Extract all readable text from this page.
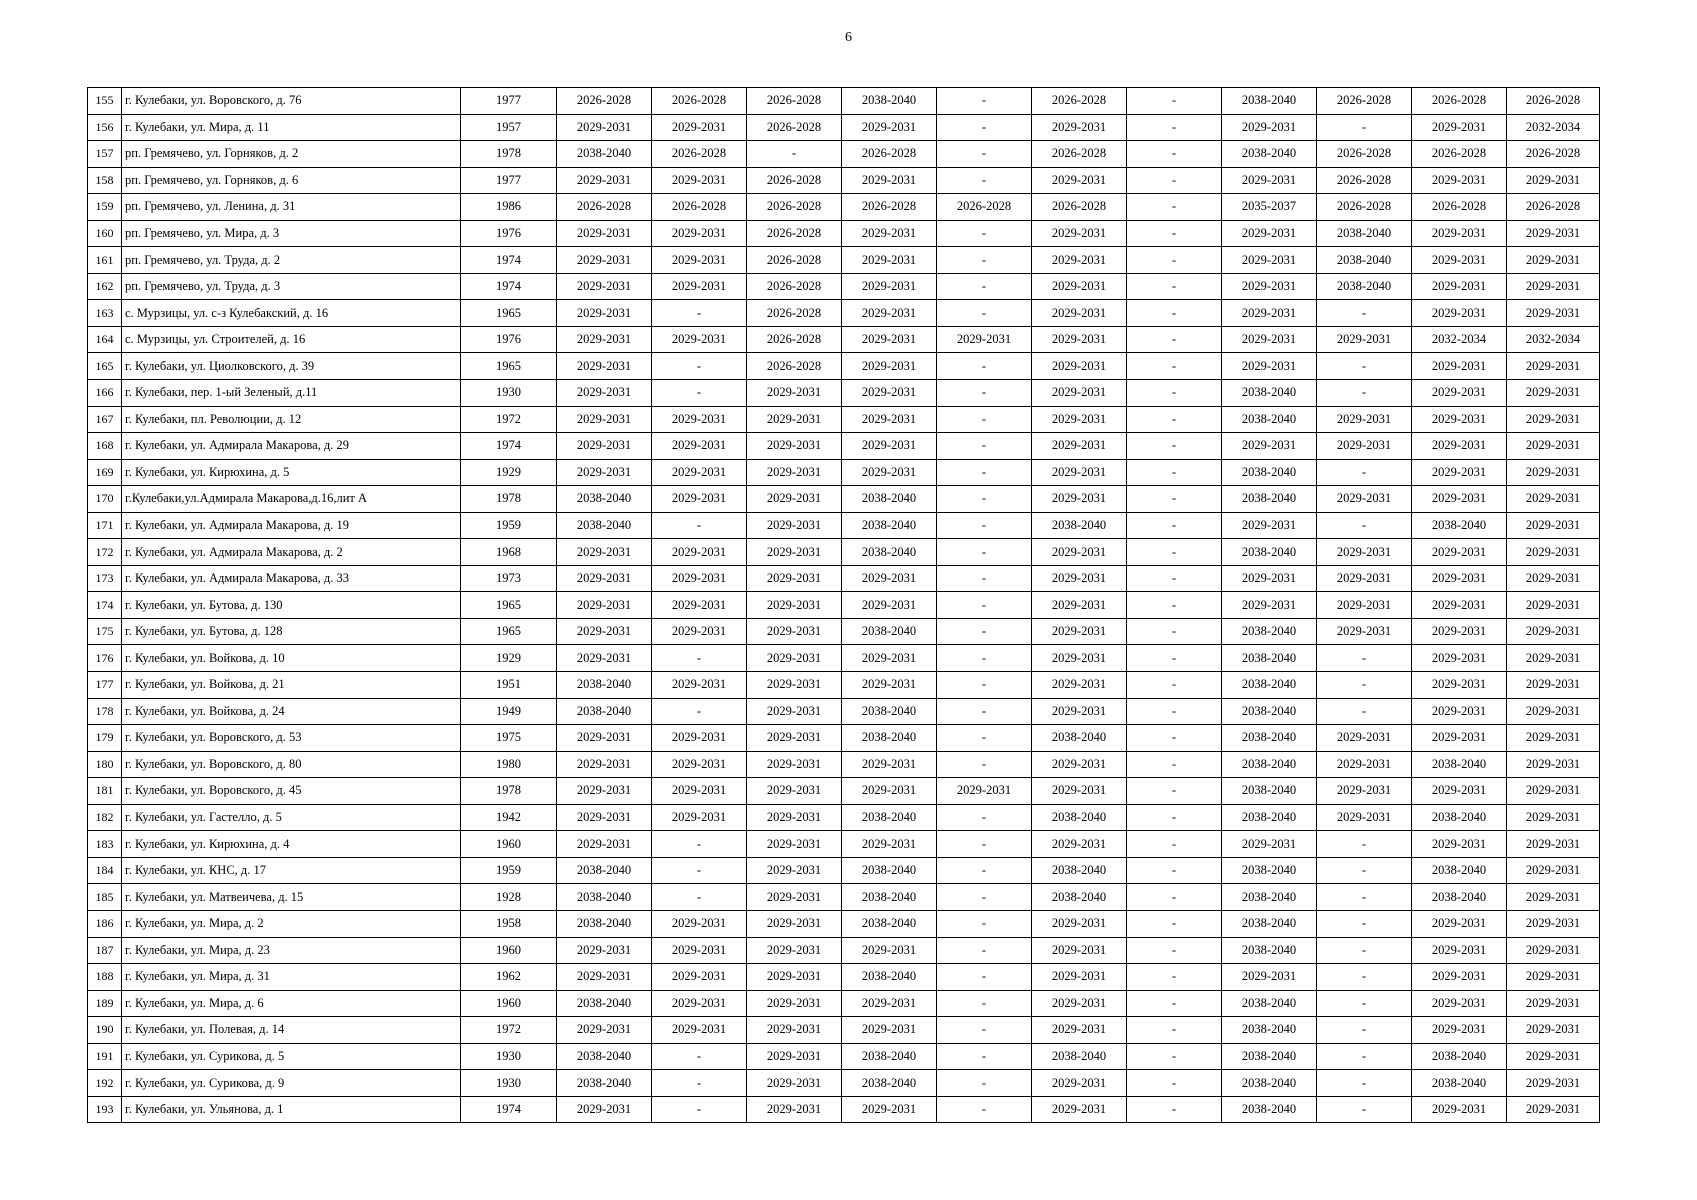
6
155	г. Кулебаки, ул. Воровского, д. 76	1977	2026-2028	2026-2028	2026-2028	2038-2040	-	2026-2028	-	2038-2040	2026-2028	2026-2028	2026-2028
156	г. Кулебаки, ул. Мира, д. 11	1957	2029-2031	2029-2031	2026-2028	2029-2031	-	2029-2031	-	2029-2031	-	2029-2031	2032-2034
157	рп. Гремячево, ул. Горняков, д. 2	1978	2038-2040	2026-2028	-	2026-2028	-	2026-2028	-	2038-2040	2026-2028	2026-2028	2026-2028
158	рп. Гремячево, ул. Горняков, д. 6	1977	2029-2031	2029-2031	2026-2028	2029-2031	-	2029-2031	-	2029-2031	2026-2028	2029-2031	2029-2031
159	рп. Гремячево, ул. Ленина, д. 31	1986	2026-2028	2026-2028	2026-2028	2026-2028	2026-2028	2026-2028	-	2035-2037	2026-2028	2026-2028	2026-2028
160	рп. Гремячево, ул. Мира, д. 3	1976	2029-2031	2029-2031	2026-2028	2029-2031	-	2029-2031	-	2029-2031	2038-2040	2029-2031	2029-2031
161	рп. Гремячево, ул. Труда, д. 2	1974	2029-2031	2029-2031	2026-2028	2029-2031	-	2029-2031	-	2029-2031	2038-2040	2029-2031	2029-2031
162	рп. Гремячево, ул. Труда, д. 3	1974	2029-2031	2029-2031	2026-2028	2029-2031	-	2029-2031	-	2029-2031	2038-2040	2029-2031	2029-2031
163	с. Мурзицы, ул. с-з Кулебакский, д. 16	1965	2029-2031	-	2026-2028	2029-2031	-	2029-2031	-	2029-2031	-	2029-2031	2029-2031
164	с. Мурзицы, ул. Строителей, д. 16	1976	2029-2031	2029-2031	2026-2028	2029-2031	2029-2031	2029-2031	-	2029-2031	2029-2031	2032-2034	2032-2034
165	г. Кулебаки, ул. Циолковского, д. 39	1965	2029-2031	-	2026-2028	2029-2031	-	2029-2031	-	2029-2031	-	2029-2031	2029-2031
166	г. Кулебаки, пер. 1-ый Зеленый, д.11	1930	2029-2031	-	2029-2031	2029-2031	-	2029-2031	-	2038-2040	-	2029-2031	2029-2031
167	г. Кулебаки, пл. Революции, д. 12	1972	2029-2031	2029-2031	2029-2031	2029-2031	-	2029-2031	-	2038-2040	2029-2031	2029-2031	2029-2031
168	г. Кулебаки, ул. Адмирала Макарова, д. 29	1974	2029-2031	2029-2031	2029-2031	2029-2031	-	2029-2031	-	2029-2031	2029-2031	2029-2031	2029-2031
169	г. Кулебаки, ул. Кирюхина, д. 5	1929	2029-2031	2029-2031	2029-2031	2029-2031	-	2029-2031	-	2038-2040	-	2029-2031	2029-2031
170	г.Кулебаки,ул.Адмирала Макарова,д.16,лит А	1978	2038-2040	2029-2031	2029-2031	2038-2040	-	2029-2031	-	2038-2040	2029-2031	2029-2031	2029-2031
171	г. Кулебаки, ул. Адмирала Макарова, д. 19	1959	2038-2040	-	2029-2031	2038-2040	-	2038-2040	-	2029-2031	-	2038-2040	2029-2031
172	г. Кулебаки, ул. Адмирала Макарова, д. 2	1968	2029-2031	2029-2031	2029-2031	2038-2040	-	2029-2031	-	2038-2040	2029-2031	2029-2031	2029-2031
173	г. Кулебаки, ул. Адмирала Макарова, д. 33	1973	2029-2031	2029-2031	2029-2031	2029-2031	-	2029-2031	-	2029-2031	2029-2031	2029-2031	2029-2031
174	г. Кулебаки, ул. Бутова, д. 130	1965	2029-2031	2029-2031	2029-2031	2029-2031	-	2029-2031	-	2029-2031	2029-2031	2029-2031	2029-2031
175	г. Кулебаки, ул. Бутова, д. 128	1965	2029-2031	2029-2031	2029-2031	2038-2040	-	2029-2031	-	2038-2040	2029-2031	2029-2031	2029-2031
176	г. Кулебаки, ул. Войкова, д. 10	1929	2029-2031	-	2029-2031	2029-2031	-	2029-2031	-	2038-2040	-	2029-2031	2029-2031
177	г. Кулебаки, ул. Войкова, д. 21	1951	2038-2040	2029-2031	2029-2031	2029-2031	-	2029-2031	-	2038-2040	-	2029-2031	2029-2031
178	г. Кулебаки, ул. Войкова, д. 24	1949	2038-2040	-	2029-2031	2038-2040	-	2029-2031	-	2038-2040	-	2029-2031	2029-2031
179	г. Кулебаки, ул. Воровского, д. 53	1975	2029-2031	2029-2031	2029-2031	2038-2040	-	2038-2040	-	2038-2040	2029-2031	2029-2031	2029-2031
180	г. Кулебаки, ул. Воровского, д. 80	1980	2029-2031	2029-2031	2029-2031	2029-2031	-	2029-2031	-	2038-2040	2029-2031	2038-2040	2029-2031
181	г. Кулебаки, ул. Воровского, д. 45	1978	2029-2031	2029-2031	2029-2031	2029-2031	2029-2031	2029-2031	-	2038-2040	2029-2031	2029-2031	2029-2031
182	г. Кулебаки, ул. Гастелло, д. 5	1942	2029-2031	2029-2031	2029-2031	2038-2040	-	2038-2040	-	2038-2040	2029-2031	2038-2040	2029-2031
183	г. Кулебаки, ул. Кирюхина, д. 4	1960	2029-2031	-	2029-2031	2029-2031	-	2029-2031	-	2029-2031	-	2029-2031	2029-2031
184	г. Кулебаки, ул. КНС, д. 17	1959	2038-2040	-	2029-2031	2038-2040	-	2038-2040	-	2038-2040	-	2038-2040	2029-2031
185	г. Кулебаки, ул. Матвеичева, д. 15	1928	2038-2040	-	2029-2031	2038-2040	-	2038-2040	-	2038-2040	-	2038-2040	2029-2031
186	г. Кулебаки, ул. Мира, д. 2	1958	2038-2040	2029-2031	2029-2031	2038-2040	-	2029-2031	-	2038-2040	-	2029-2031	2029-2031
187	г. Кулебаки, ул. Мира, д. 23	1960	2029-2031	2029-2031	2029-2031	2029-2031	-	2029-2031	-	2038-2040	-	2029-2031	2029-2031
188	г. Кулебаки, ул. Мира, д. 31	1962	2029-2031	2029-2031	2029-2031	2038-2040	-	2029-2031	-	2029-2031	-	2029-2031	2029-2031
189	г. Кулебаки, ул. Мира, д. 6	1960	2038-2040	2029-2031	2029-2031	2029-2031	-	2029-2031	-	2038-2040	-	2029-2031	2029-2031
190	г. Кулебаки, ул. Полевая, д. 14	1972	2029-2031	2029-2031	2029-2031	2029-2031	-	2029-2031	-	2038-2040	-	2029-2031	2029-2031
191	г. Кулебаки, ул. Сурикова, д. 5	1930	2038-2040	-	2029-2031	2038-2040	-	2038-2040	-	2038-2040	-	2038-2040	2029-2031
192	г. Кулебаки, ул. Сурикова, д. 9	1930	2038-2040	-	2029-2031	2038-2040	-	2029-2031	-	2038-2040	-	2038-2040	2029-2031
193	г. Кулебаки, ул. Ульянова, д. 1	1974	2029-2031	-	2029-2031	2029-2031	-	2029-2031	-	2038-2040	-	2029-2031	2029-2031
